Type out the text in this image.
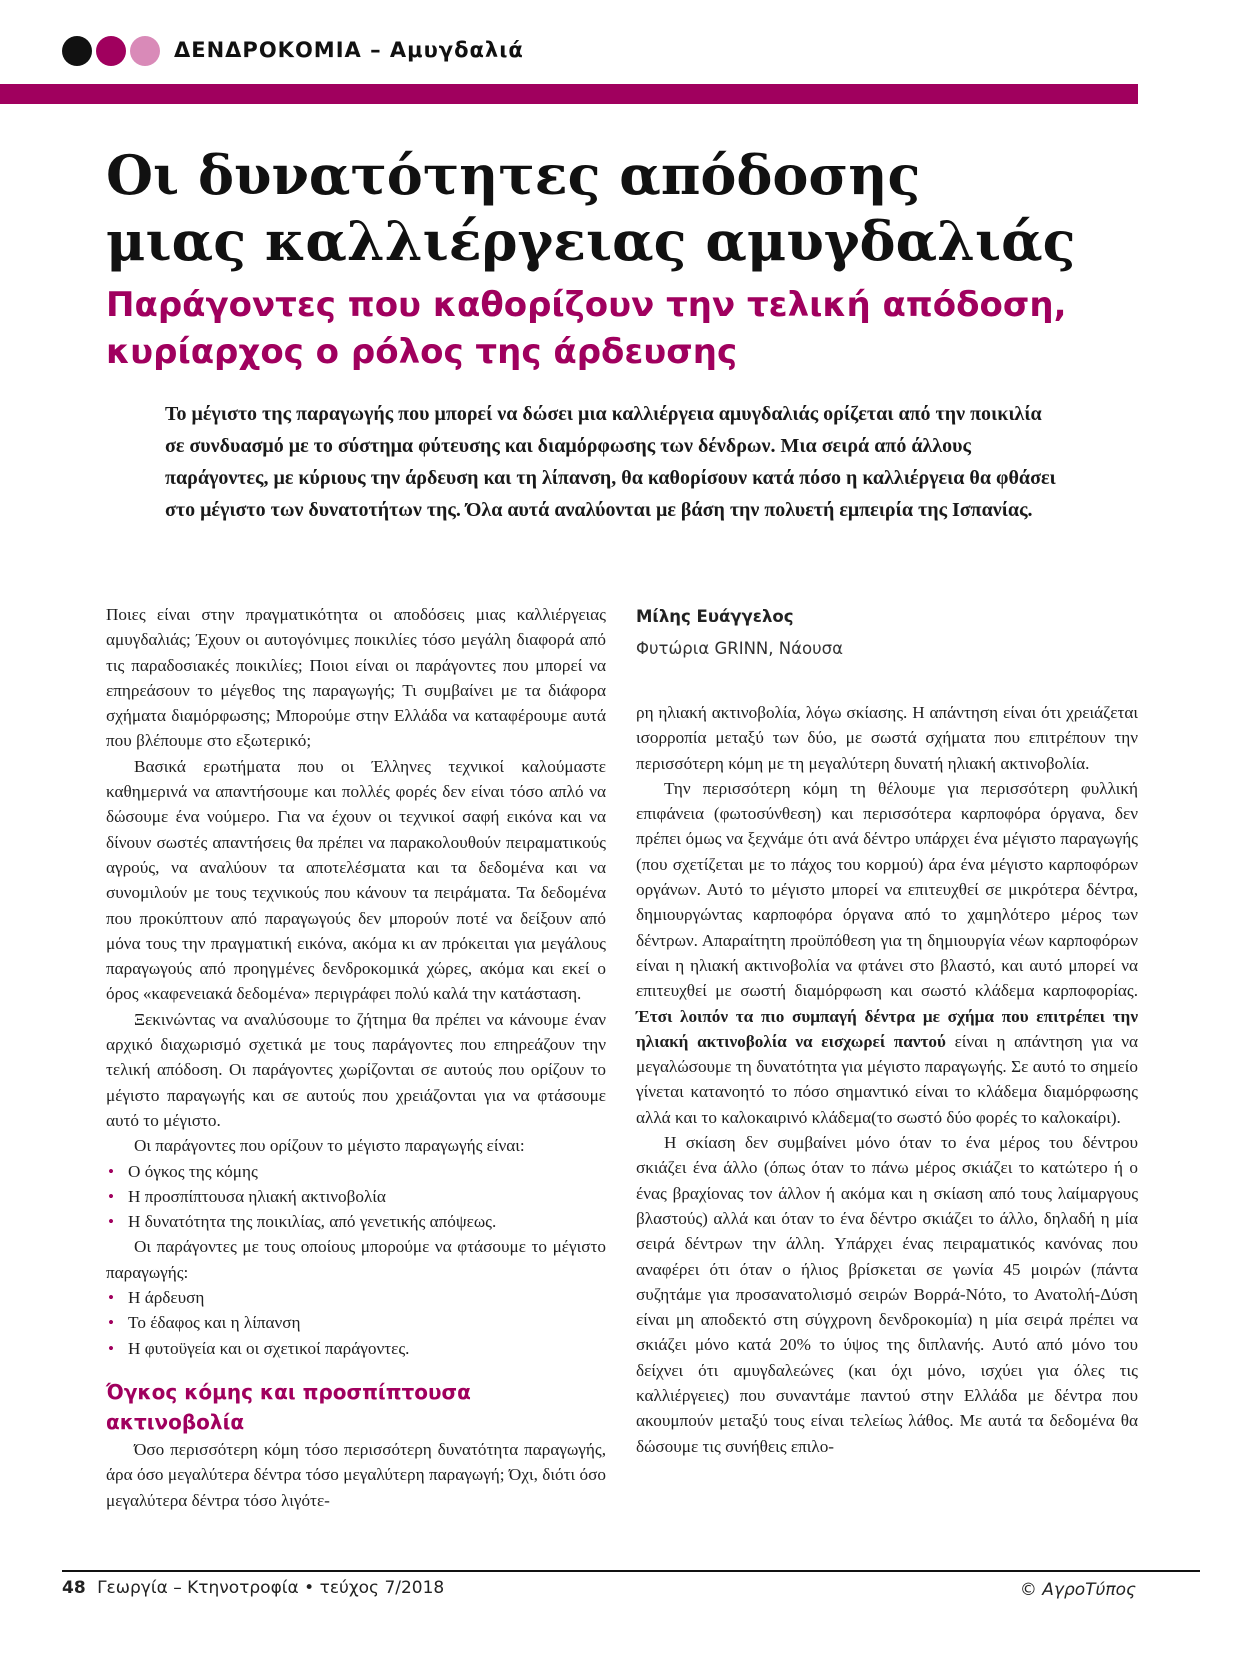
ΔΕΝΔΡΟΚΟΜΙΑ – Αμυγδαλιά
Οι δυνατότητες απόδοσης
μιας καλλιέργειας αμυγδαλιάς
Παράγοντες που καθορίζουν την τελική απόδοση,
κυρίαρχος ο ρόλος της άρδευσης

Το μέγιστο της παραγωγής που μπορεί να δώσει μια καλλιέργεια αμυγδαλιάς ορίζεται από την ποικιλία σε συνδυασμό με το σύστημα φύτευσης και διαμόρφωσης των δένδρων. Μια σειρά από άλλους παράγοντες, με κύριους την άρδευση και τη λίπανση, θα καθορίσουν κατά πόσο η καλλιέργεια θα φθάσει στο μέγιστο των δυνατοτήτων της. Όλα αυτά αναλύονται με βάση την πολυετή εμπειρία της Ισπανίας.

Ποιες είναι στην πραγματικότητα οι αποδόσεις μιας καλλιέργειας αμυγδαλιάς; Έχουν οι αυτογόνιμες ποικιλίες τόσο μεγάλη διαφορά από τις παραδοσιακές ποικιλίες; Ποιοι είναι οι παράγοντες που μπορεί να επηρεάσουν το μέγεθος της παραγωγής; Τι συμβαίνει με τα διάφορα σχήματα διαμόρφωσης; Μπορούμε στην Ελλάδα να καταφέρουμε αυτά που βλέπουμε στο εξωτερικό;

Βασικά ερωτήματα που οι Έλληνες τεχνικοί καλούμαστε καθημερινά να απαντήσουμε και πολλές φορές δεν είναι τόσο απλό να δώσουμε ένα νούμερο. Για να έχουν οι τεχνικοί σαφή εικόνα και να δίνουν σωστές απαντήσεις θα πρέπει να παρακολουθούν πειραματικούς αγρούς, να αναλύουν τα αποτελέσματα και τα δεδομένα και να συνομιλούν με τους τεχνικούς που κάνουν τα πειράματα. Τα δεδομένα που προκύπτουν από παραγωγούς δεν μπορούν ποτέ να δείξουν από μόνα τους την πραγματική εικόνα, ακόμα κι αν πρόκειται για μεγάλους παραγωγούς από προηγμένες δενδροκομικά χώρες, ακόμα και εκεί ο όρος «καφενειακά δεδομένα» περιγράφει πολύ καλά την κατάσταση.

Ξεκινώντας να αναλύσουμε το ζήτημα θα πρέπει να κάνουμε έναν αρχικό διαχωρισμό σχετικά με τους παράγοντες που επηρεάζουν την τελική απόδοση. Οι παράγοντες χωρίζονται σε αυτούς που ορίζουν το μέγιστο παραγωγής και σε αυτούς που χρειάζονται για να φτάσουμε αυτό το μέγιστο.

Οι παράγοντες που ορίζουν το μέγιστο παραγωγής είναι:

• Ο όγκος της κόμης
• Η προσπίπτουσα ηλιακή ακτινοβολία
• Η δυνατότητα της ποικιλίας, από γενετικής απόψεως.

Οι παράγοντες με τους οποίους μπορούμε να φτάσουμε το μέγιστο παραγωγής:

• Η άρδευση
• Το έδαφος και η λίπανση
• Η φυτοϋγεία και οι σχετικοί παράγοντες.
Όγκος κόμης και προσπίπτουσα ακτινοβολία

Όσο περισσότερη κόμη τόσο περισσότερη δυνατότητα παραγωγής, άρα όσο μεγαλύτερα δέντρα τόσο μεγαλύτερη παραγωγή; Όχι, διότι όσο μεγαλύτερα δέντρα τόσο λιγότε-

Μίλης Ευάγγελος
Φυτώρια GRINN, Νάουσα

ρη ηλιακή ακτινοβολία, λόγω σκίασης. Η απάντηση είναι ότι χρειάζεται ισορροπία μεταξύ των δύο, με σωστά σχήματα που επιτρέπουν την περισσότερη κόμη με τη μεγαλύτερη δυνατή ηλιακή ακτινοβολία.

Την περισσότερη κόμη τη θέλουμε για περισσότερη φυλλική επιφάνεια (φωτοσύνθεση) και περισσότερα καρποφόρα όργανα, δεν πρέπει όμως να ξεχνάμε ότι ανά δέντρο υπάρχει ένα μέγιστο παραγωγής (που σχετίζεται με το πάχος του κορμού) άρα ένα μέγιστο καρποφόρων οργάνων. Αυτό το μέγιστο μπορεί να επιτευχθεί σε μικρότερα δέντρα, δημιουργώντας καρποφόρα όργανα από το χαμηλότερο μέρος των δέντρων. Απαραίτητη προϋπόθεση για τη δημιουργία νέων καρποφόρων είναι η ηλιακή ακτινοβολία να φτάνει στο βλαστό, και αυτό μπορεί να επιτευχθεί με σωστή διαμόρφωση και σωστό κλάδεμα καρποφορίας. Έτσι λοιπόν τα πιο συμπαγή δέντρα με σχήμα που επιτρέπει την ηλιακή ακτινοβολία να εισχωρεί παντού είναι η απάντηση για να μεγαλώσουμε τη δυνατότητα για μέγιστο παραγωγής. Σε αυτό το σημείο γίνεται κατανοητό το πόσο σημαντικό είναι το κλάδεμα διαμόρφωσης αλλά και το καλοκαιρινό κλάδεμα(το σωστό δύο φορές το καλοκαίρι).

Η σκίαση δεν συμβαίνει μόνο όταν το ένα μέρος του δέντρου σκιάζει ένα άλλο (όπως όταν το πάνω μέρος σκιάζει το κατώτερο ή ο ένας βραχίονας τον άλλον ή ακόμα και η σκίαση από τους λαίμαργους βλαστούς) αλλά και όταν το ένα δέντρο σκιάζει το άλλο, δηλαδή η μία σειρά δέντρων την άλλη. Υπάρχει ένας πειραματικός κανόνας που αναφέρει ότι όταν ο ήλιος βρίσκεται σε γωνία 45 μοιρών (πάντα συζητάμε για προσανατολισμό σειρών Βορρά-Νότο, το Ανατολή-Δύση είναι μη αποδεκτό στη σύγχρονη δενδροκομία) η μία σειρά πρέπει να σκιάζει μόνο κατά 20% το ύψος της διπλανής. Αυτό από μόνο του δείχνει ότι αμυγδαλεώνες (και όχι μόνο, ισχύει για όλες τις καλλιέργειες) που συναντάμε παντού στην Ελλάδα με δέντρα που ακουμπούν μεταξύ τους είναι τελείως λάθος. Με αυτά τα δεδομένα θα δώσουμε τις συνήθεις επιλο-

48 Γεωργία – Κτηνοτροφία • τεύχος 7/2018	© ΑγροΤύπος
